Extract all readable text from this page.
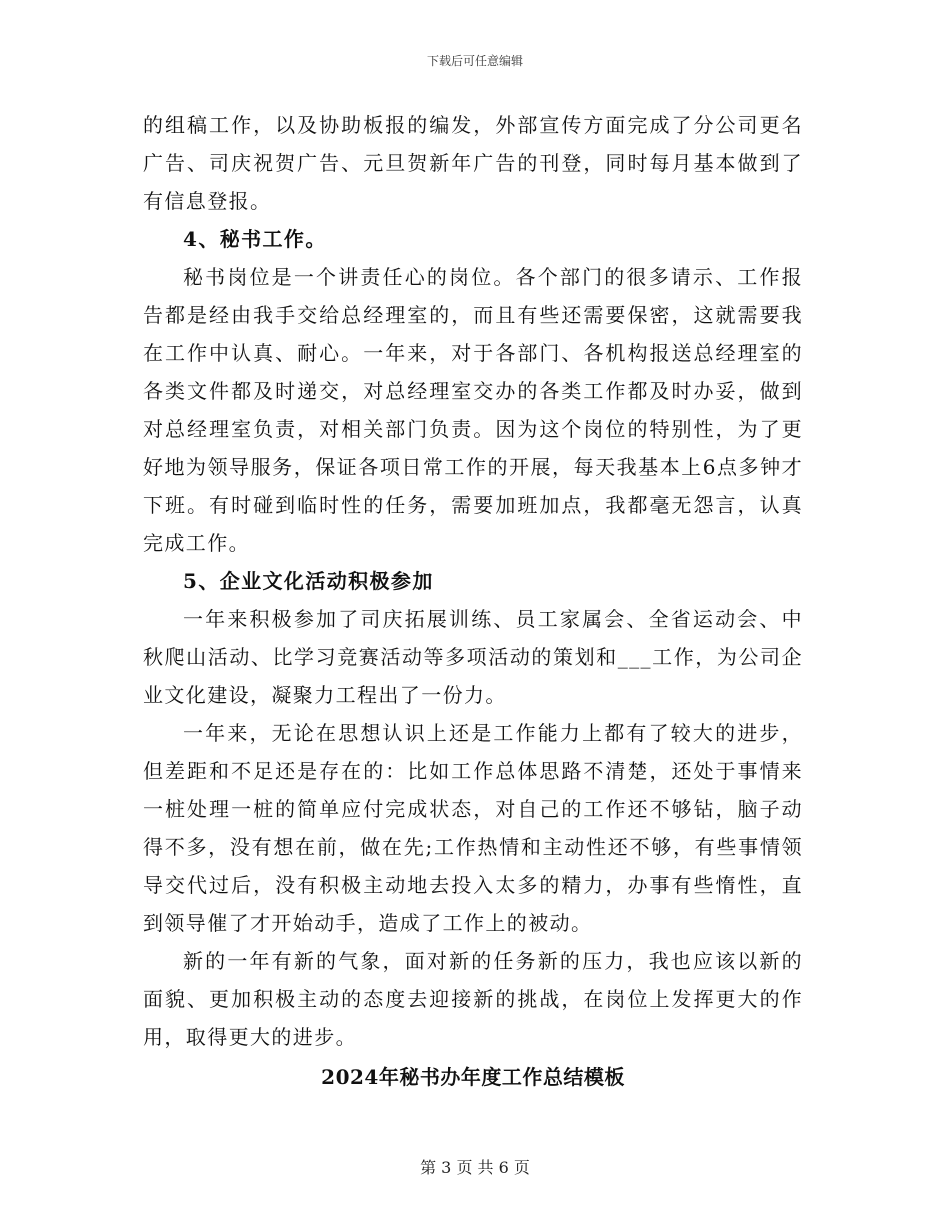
下载后可任意编辑

的组稿工作，以及协助板报的编发，外部宣传方面完成了分公司更名广告、司庆祝贺广告、元旦贺新年广告的刊登，同时每月基本做到了有信息登报。

4、秘书工作。

秘书岗位是一个讲责任心的岗位。各个部门的很多请示、工作报告都是经由我手交给总经理室的，而且有些还需要保密，这就需要我在工作中认真、耐心。一年来，对于各部门、各机构报送总经理室的各类文件都及时递交，对总经理室交办的各类工作都及时办妥，做到对总经理室负责，对相关部门负责。因为这个岗位的特别性，为了更好地为领导服务，保证各项日常工作的开展，每天我基本上6点多钟才下班。有时碰到临时性的任务，需要加班加点，我都毫无怨言，认真完成工作。

5、企业文化活动积极参加

一年来积极参加了司庆拓展训练、员工家属会、全省运动会、中秋爬山活动、比学习竞赛活动等多项活动的策划和___工作，为公司企业文化建设，凝聚力工程出了一份力。

一年来，无论在思想认识上还是工作能力上都有了较大的进步，但差距和不足还是存在的：比如工作总体思路不清楚，还处于事情来一桩处理一桩的简单应付完成状态，对自己的工作还不够钻，脑子动得不多，没有想在前，做在先;工作热情和主动性还不够，有些事情领导交代过后，没有积极主动地去投入太多的精力，办事有些惰性，直到领导催了才开始动手，造成了工作上的被动。

新的一年有新的气象，面对新的任务新的压力，我也应该以新的面貌、更加积极主动的态度去迎接新的挑战，在岗位上发挥更大的作用，取得更大的进步。

2024年秘书办年度工作总结模板

第 3 页 共 6 页
